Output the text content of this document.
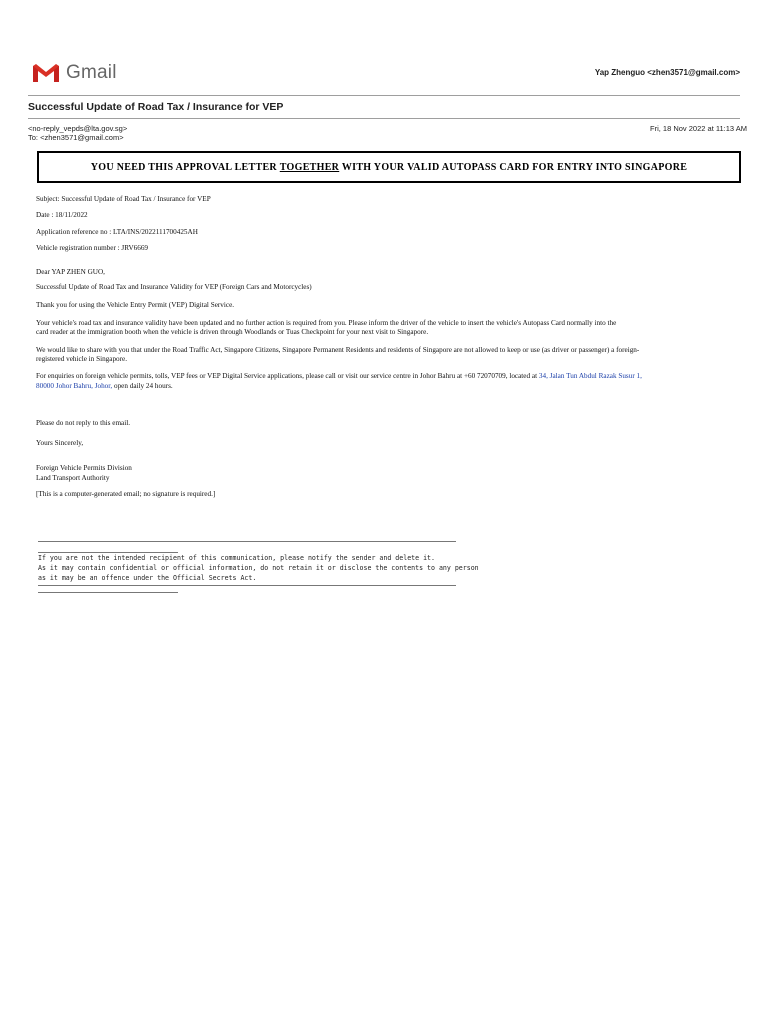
Gmail	Yap Zhenguo <zhen3571@gmail.com>
Successful Update of Road Tax / Insurance for VEP
<no-reply_vepds@lta.gov.sg>
To: <zhen3571@gmail.com>
Fri, 18 Nov 2022 at 11:13 AM
YOU NEED THIS APPROVAL LETTER TOGETHER WITH YOUR VALID AUTOPASS CARD FOR ENTRY INTO SINGAPORE

Subject: Successful Update of Road Tax / Insurance for VEP

Date : 18/11/2022

Application reference no : LTA/INS/2022111700425AH

Vehicle registration number : JRV6669

Dear YAP ZHEN GUO,

Successful Update of Road Tax and Insurance Validity for VEP (Foreign Cars and Motorcycles)

Thank you for using the Vehicle Entry Permit (VEP) Digital Service.

Your vehicle's road tax and insurance validity have been updated and no further action is required from you. Please inform the driver of the vehicle to insert the vehicle's Autopass Card normally into the
card reader at the immigration booth when the vehicle is driven through Woodlands or Tuas Checkpoint for your next visit to Singapore.
We would like to share with you that under the Road Traffic Act, Singapore Citizens, Singapore Permanent Residents and residents of Singapore are not allowed to keep or use (as driver or passenger) a foreign-
registered vehicle in Singapore.
For enquiries on foreign vehicle permits, tolls, VEP fees or VEP Digital Service applications, please call or visit our service centre in Johor Bahru at +60 72070709, located at 34, Jalan Tun Abdul Razak Susur 1,
80000 Johor Bahru, Johor, open daily 24 hours.

Please do not reply to this email.

Yours Sincerely,

Foreign Vehicle Permits Division

Land Transport Authority

[This is a computer-generated email; no signature is required.]

If you are not the intended recipient of this communication, please notify the sender and delete it.
As it may contain confidential or official information, do not retain it or disclose the contents to any person
as it may be an offence under the Official Secrets Act.
